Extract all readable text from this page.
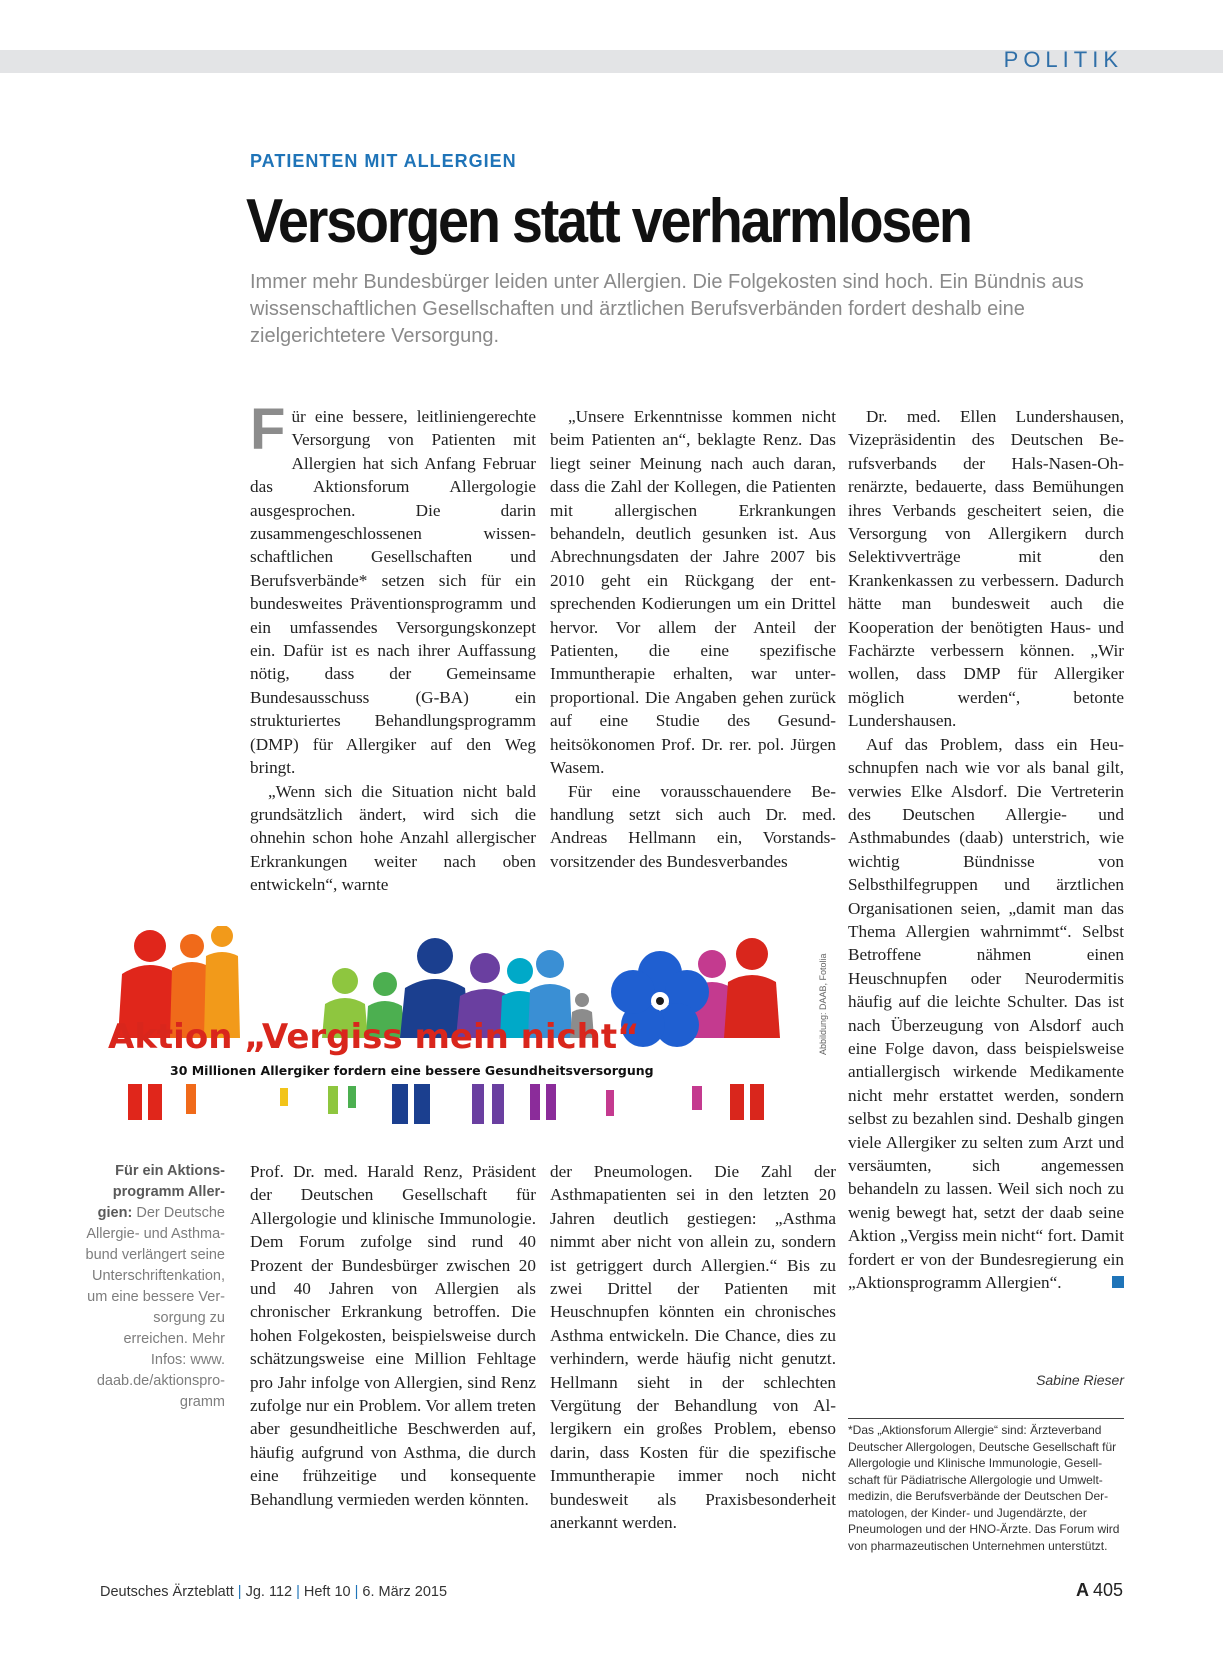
POLITIK
PATIENTEN MIT ALLERGIEN
Versorgen statt verharmlosen

Immer mehr Bundesbürger leiden unter Allergien. Die Folgekosten sind hoch. Ein Bündnis aus wissenschaftlichen Gesellschaften und ärztlichen Berufsverbänden fordert deshalb eine zielgerichtetere Versorgung.

Für eine bessere, leitliniengerechte Versorgung von Patienten mit Allergien hat sich Anfang Februar das Aktionsforum Allergologie ausgesprochen. Die darin zusammengeschlossenen wissenschaftlichen Gesellschaften und Berufsverbände* setzen sich für ein bundesweites Präventionsprogramm und ein umfassendes Versorgungskonzept ein. Dafür ist es nach ihrer Auffassung nötig, dass der Gemeinsame Bundesausschuss (G-BA) ein strukturiertes Behandlungsprogramm (DMP) für Allergiker auf den Weg bringt.

„Wenn sich die Situation nicht bald grundsätzlich ändert, wird sich die ohnehin schon hohe Anzahl allergischer Erkrankungen weiter nach oben entwickeln“, warnte

„Unsere Erkenntnisse kommen nicht beim Patienten an“, beklagte Renz. Das liegt seiner Meinung nach auch daran, dass die Zahl der Kollegen, die Patienten mit allergischen Erkrankungen behandeln, deutlich gesunken ist. Aus Abrechnungsdaten der Jahre 2007 bis 2010 geht ein Rückgang der entsprechenden Kodierungen um ein Drittel hervor. Vor allem der Anteil der Patienten, die eine spezifische Immuntherapie erhalten, war unterproportional. Die Angaben gehen zurück auf eine Studie des Gesundheitsökonomen Prof. Dr. rer. pol. Jürgen Wasem.

Für eine vorausschauendere Behandlung setzt sich auch Dr. med. Andreas Hellmann ein, Vorstandsvorsitzender des Bundesverbandes

Dr. med. Ellen Lundershausen, Vizepräsidentin des Deutschen Berufsverbands der Hals-Nasen-Ohrenärzte, bedauerte, dass Bemühungen ihres Verbands gescheitert seien, die Versorgung von Allergikern durch Selektivverträge mit den Krankenkassen zu verbessern. Dadurch hätte man bundesweit auch die Kooperation der benötigten Haus- und Fachärzte verbessern können. „Wir wollen, dass DMP für Allergiker möglich werden“, betonte Lundershausen.

Auf das Problem, dass ein Heuschnupfen nach wie vor als banal gilt, verwies Elke Alsdorf. Die Vertreterin des Deutschen Allergie- und Asthmabundes (daab) unterstrich, wie wichtig Bündnisse von Selbsthilfegruppen und ärztlichen Organisationen seien, „damit man das Thema Allergien wahrnimmt“. Selbst Betroffene nähmen einen Heuschnupfen oder Neurodermitis häufig auf die leichte Schulter. Das ist nach Überzeugung von Alsdorf auch eine Folge davon, dass beispielsweise antiallergisch wirkende Medikamente nicht mehr erstattet werden, sondern selbst zu bezahlen sind. Deshalb gingen viele Allergiker zu selten zum Arzt und versäumten, sich angemessen behandeln zu lassen. Weil sich noch zu wenig bewegt hat, setzt der daab seine Aktion „Vergiss mein nicht“ fort. Damit fordert er von der Bundesregierung ein „Aktionsprogramm Allergien“.

Aktion „Vergiss mein nicht“
30 Millionen Allergiker fordern eine bessere Gesundheitsversorgung
Abbildung: DAAB, Fotolia

Für ein Aktionsprogramm Allergien: Der Deutsche Allergie- und Asthmabund verlängert seine Unterschriftenkation, um eine bessere Versorgung zu erreichen. Mehr Infos: www. daab.de/aktionsprogramm

Prof. Dr. med. Harald Renz, Präsident der Deutschen Gesellschaft für Allergologie und klinische Immunologie. Dem Forum zufolge sind rund 40 Prozent der Bundesbürger zwischen 20 und 40 Jahren von Allergien als chronischer Erkrankung betroffen. Die hohen Folgekosten, beispielsweise durch schätzungsweise eine Million Fehltage pro Jahr infolge von Allergien, sind Renz zufolge nur ein Problem. Vor allem treten aber gesundheitliche Beschwerden auf, häufig aufgrund von Asthma, die durch eine frühzeitige und konsequente Behandlung vermieden werden könnten.

der Pneumologen. Die Zahl der Asthmapatienten sei in den letzten 20 Jahren deutlich gestiegen: „Asthma nimmt aber nicht von allein zu, sondern ist getriggert durch Allergien.“ Bis zu zwei Drittel der Patienten mit Heuschnupfen könnten ein chronisches Asthma entwickeln. Die Chance, dies zu verhindern, werde häufig nicht genutzt. Hellmann sieht in der schlechten Vergütung der Behandlung von Allergikern ein großes Problem, ebenso darin, dass Kosten für die spezifische Immuntherapie immer noch nicht bundesweit als Praxisbesonderheit anerkannt werden.

Sabine Rieser

*Das „Aktionsforum Allergie“ sind: Ärzteverband Deutscher Allergologen, Deutsche Gesellschaft für Allergologie und Klinische Immunologie, Gesellschaft für Pädiatrische Allergologie und Umweltmedizin, die Berufsverbände der Deutschen Dermatologen, der Kinder- und Jugendärzte, der Pneumologen und der HNO-Ärzte. Das Forum wird von pharmazeutischen Unternehmen unterstützt.

Deutsches Ärzteblatt | Jg. 112 | Heft 10 | 6. März 2015	A 405
